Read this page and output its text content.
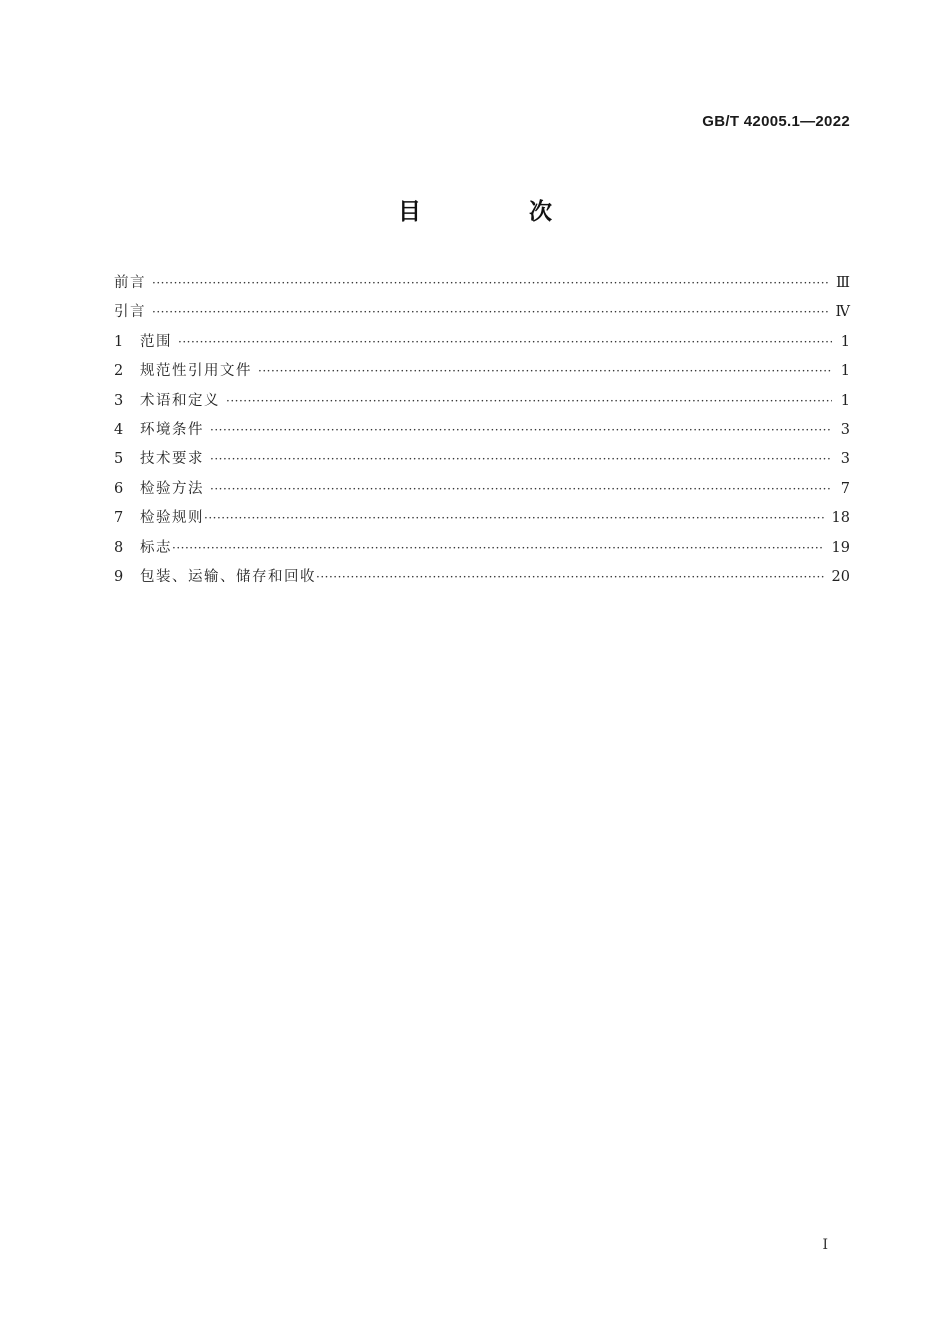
GB/T 42005.1—2022
目 次
前言 ·····	Ⅲ
引言 ·····	Ⅳ
1	范围 ·····	1
2	规范性引用文件 ·····	1
3	术语和定义 ·····	1
4	环境条件 ·····	3
5	技术要求 ·····	3
6	检验方法 ·····	7
7	检验规则 ·····	18
8	标志 ·····	19
9	包装、运输、储存和回收 ·····	20
I
